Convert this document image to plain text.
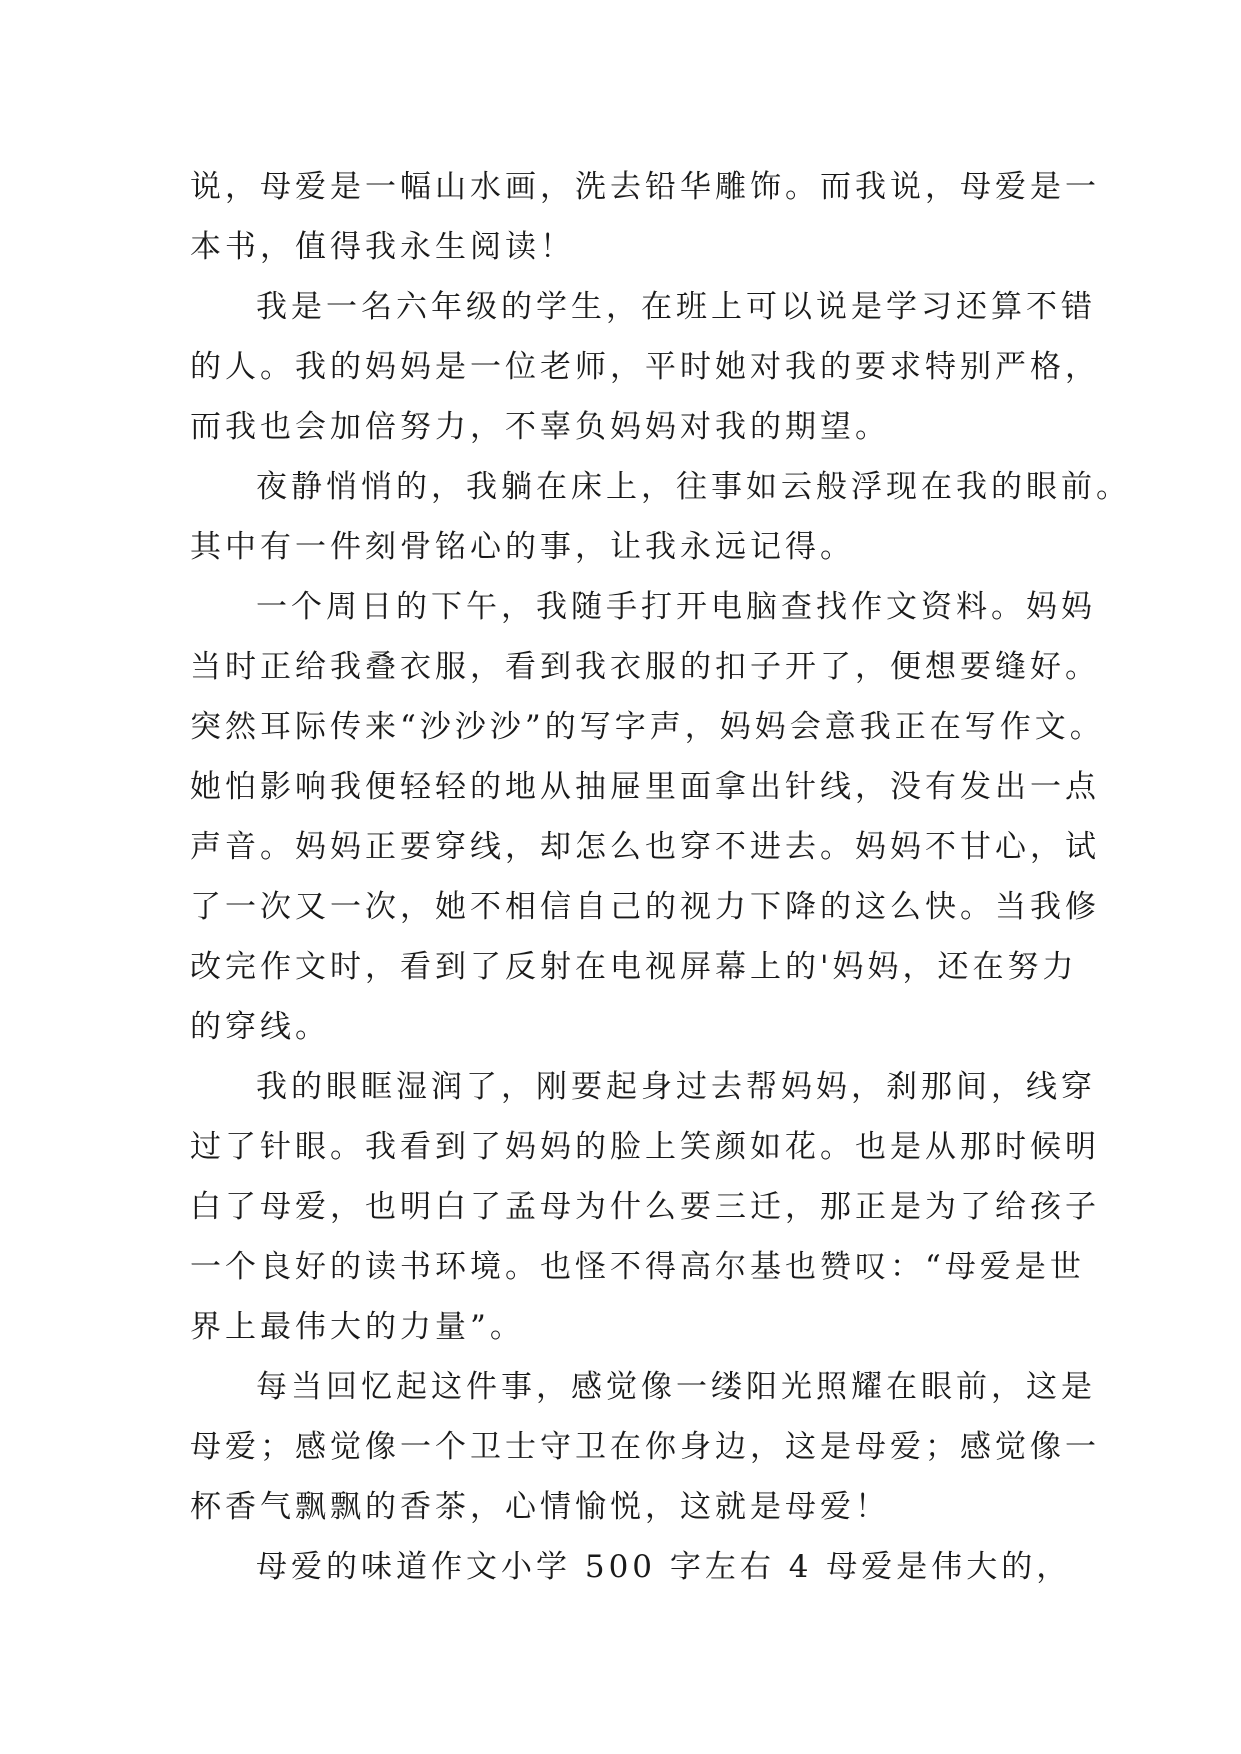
说，母爱是一幅山水画，洗去铅华雕饰。而我说，母爱是一
本书，值得我永生阅读！
我是一名六年级的学生，在班上可以说是学习还算不错
的人。我的妈妈是一位老师，平时她对我的要求特别严格，
而我也会加倍努力，不辜负妈妈对我的期望。
夜静悄悄的，我躺在床上，往事如云般浮现在我的眼前。
其中有一件刻骨铭心的事，让我永远记得。
一个周日的下午，我随手打开电脑查找作文资料。妈妈
当时正给我叠衣服，看到我衣服的扣子开了，便想要缝好。
突然耳际传来“沙沙沙”的写字声，妈妈会意我正在写作文。
她怕影响我便轻轻的地从抽屉里面拿出针线，没有发出一点
声音。妈妈正要穿线，却怎么也穿不进去。妈妈不甘心，试
了一次又一次，她不相信自己的视力下降的这么快。当我修
改完作文时，看到了反射在电视屏幕上的'妈妈，还在努力
的穿线。
我的眼眶湿润了，刚要起身过去帮妈妈，刹那间，线穿
过了针眼。我看到了妈妈的脸上笑颜如花。也是从那时候明
白了母爱，也明白了孟母为什么要三迁，那正是为了给孩子
一个良好的读书环境。也怪不得高尔基也赞叹：“母爱是世
界上最伟大的力量”。
每当回忆起这件事，感觉像一缕阳光照耀在眼前，这是
母爱；感觉像一个卫士守卫在你身边，这是母爱；感觉像一
杯香气飘飘的香茶，心情愉悦，这就是母爱！
母爱的味道作文小学 500 字左右 4 母爱是伟大的，
